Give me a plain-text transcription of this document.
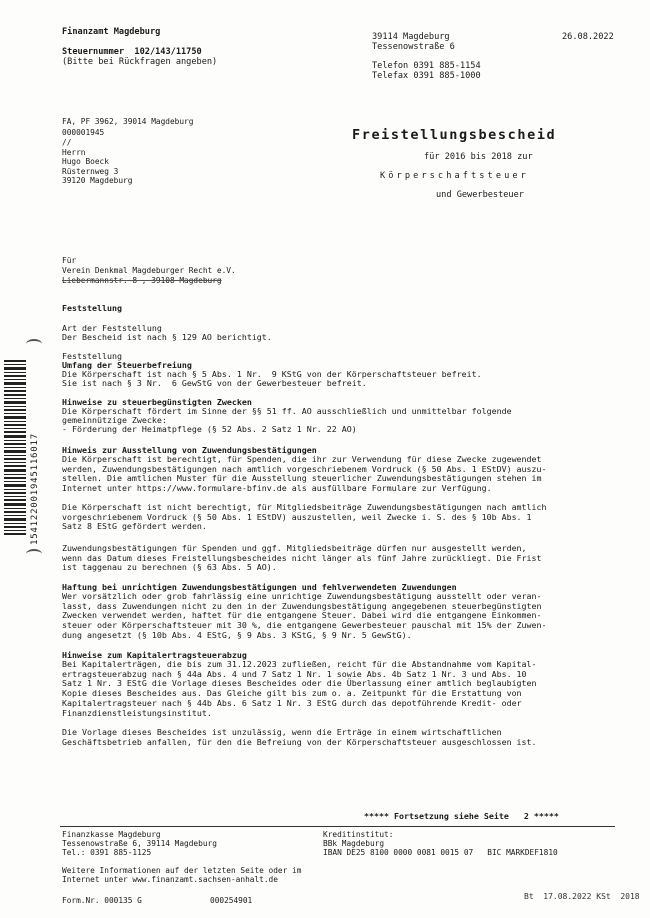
Finanzamt Magdeburg
Steuernummer  102/143/11750
(Bitte bei Rückfragen angeben)
39114 Magdeburg
Tessenowstraße 6
26.08.2022
Telefon 0391 885-1154
Telefax 0391 885-1000
FA, PF 3962, 39014 Magdeburg
000001945
//
Herrn
Hugo Boeck
Rüsternweg 3
39120 Magdeburg
Freistellungsbescheid
für 2016 bis 2018 zur
Körperschaftsteuer
und Gewerbesteuer
Für
Verein Denkmal Magdeburger Recht e.V.
Liebermannstr. 8 , 39108 Magdeburg
Feststellung
Art der Feststellung
Der Bescheid ist nach § 129 AO berichtigt.
Feststellung
Umfang der Steuerbefreiung
Die Körperschaft ist nach § 5 Abs. 1 Nr.  9 KStG von der Körperschaftsteuer befreit.
Sie ist nach § 3 Nr.  6 GewStG von der Gewerbesteuer befreit.
Hinweise zu steuerbegünstigten Zwecken
Die Körperschaft fördert im Sinne der §§ 51 ff. AO ausschließlich und unmittelbar folgende
gemeinnützige Zwecke:
- Förderung der Heimatpflege (§ 52 Abs. 2 Satz 1 Nr. 22 AO)
Hinweis zur Ausstellung von Zuwendungsbestätigungen
Die Körperschaft ist berechtigt, für Spenden, die ihr zur Verwendung für diese Zwecke zugewendet
werden, Zuwendungsbestätigungen nach amtlich vorgeschriebenem Vordruck (§ 50 Abs. 1 EStDV) auszu-
stellen. Die amtlichen Muster für die Ausstellung steuerlicher Zuwendungsbestätigungen stehen im
Internet unter https://www.formulare-bfinv.de als ausfüllbare Formulare zur Verfügung.
Die Körperschaft ist nicht berechtigt, für Mitgliedsbeiträge Zuwendungsbestätigungen nach amtlich
vorgeschriebenem Vordruck (§ 50 Abs. 1 EStDV) auszustellen, weil Zwecke i. S. des § 10b Abs. 1
Satz 8 EStG gefördert werden.
Zuwendungsbestätigungen für Spenden und ggf. Mitgliedsbeiträge dürfen nur ausgestellt werden,
wenn das Datum dieses Freistellungsbescheides nicht länger als fünf Jahre zurückliegt. Die Frist
ist taggenau zu berechnen (§ 63 Abs. 5 AO).
Haftung bei unrichtigen Zuwendungsbestätigungen und fehlverwendeten Zuwendungen
Wer vorsätzlich oder grob fahrlässig eine unrichtige Zuwendungsbestätigung ausstellt oder veran-
lasst, dass Zuwendungen nicht zu den in der Zuwendungsbestätigung angegebenen steuerbegünstigten
Zwecken verwendet werden, haftet für die entgangene Steuer. Dabei wird die entgangene Einkommen-
steuer oder Körperschaftsteuer mit 30 %, die entgangene Gewerbesteuer pauschal mit 15% der Zuwen-
dung angesetzt (§ 10b Abs. 4 EStG, § 9 Abs. 3 KStG, § 9 Nr. 5 GewStG).
Hinweise zum Kapitalertragsteuerabzug
Bei Kapitalerträgen, die bis zum 31.12.2023 zufließen, reicht für die Abstandnahme vom Kapital-
ertragsteuerabzug nach § 44a Abs. 4 und 7 Satz 1 Nr. 1 sowie Abs. 4b Satz 1 Nr. 3 und Abs. 10
Satz 1 Nr. 3 EStG die Vorlage dieses Bescheides oder die Überlassung einer amtlich beglaubigten
Kopie dieses Bescheides aus. Das Gleiche gilt bis zum o. a. Zeitpunkt für die Erstattung von
Kapitalertragsteuer nach § 44b Abs. 6 Satz 1 Nr. 3 EStG durch das depotführende Kredit- oder
Finanzdienstleistungsinstitut.
Die Vorlage dieses Bescheides ist unzulässig, wenn die Erträge in einem wirtschaftlichen
Geschäftsbetrieb anfallen, für den die Befreiung von der Körperschaftsteuer ausgeschlossen ist.
***** Fortsetzung siehe Seite   2 *****
Finanzkasse Magdeburg
Tessenowstraße 6, 39114 Magdeburg
Tel.: 0391 885-1125
Kreditinstitut:
BBk Magdeburg
IBAN DE25 8100 0000 0081 0015 07   BIC MARKDEF1810
Weitere Informationen auf der letzten Seite oder im
Internet unter www.finanzamt.sachsen-anhalt.de
Form.Nr. 000135 G	000254901	Bt  17.08.2022 KSt  2018
154122001945116017
